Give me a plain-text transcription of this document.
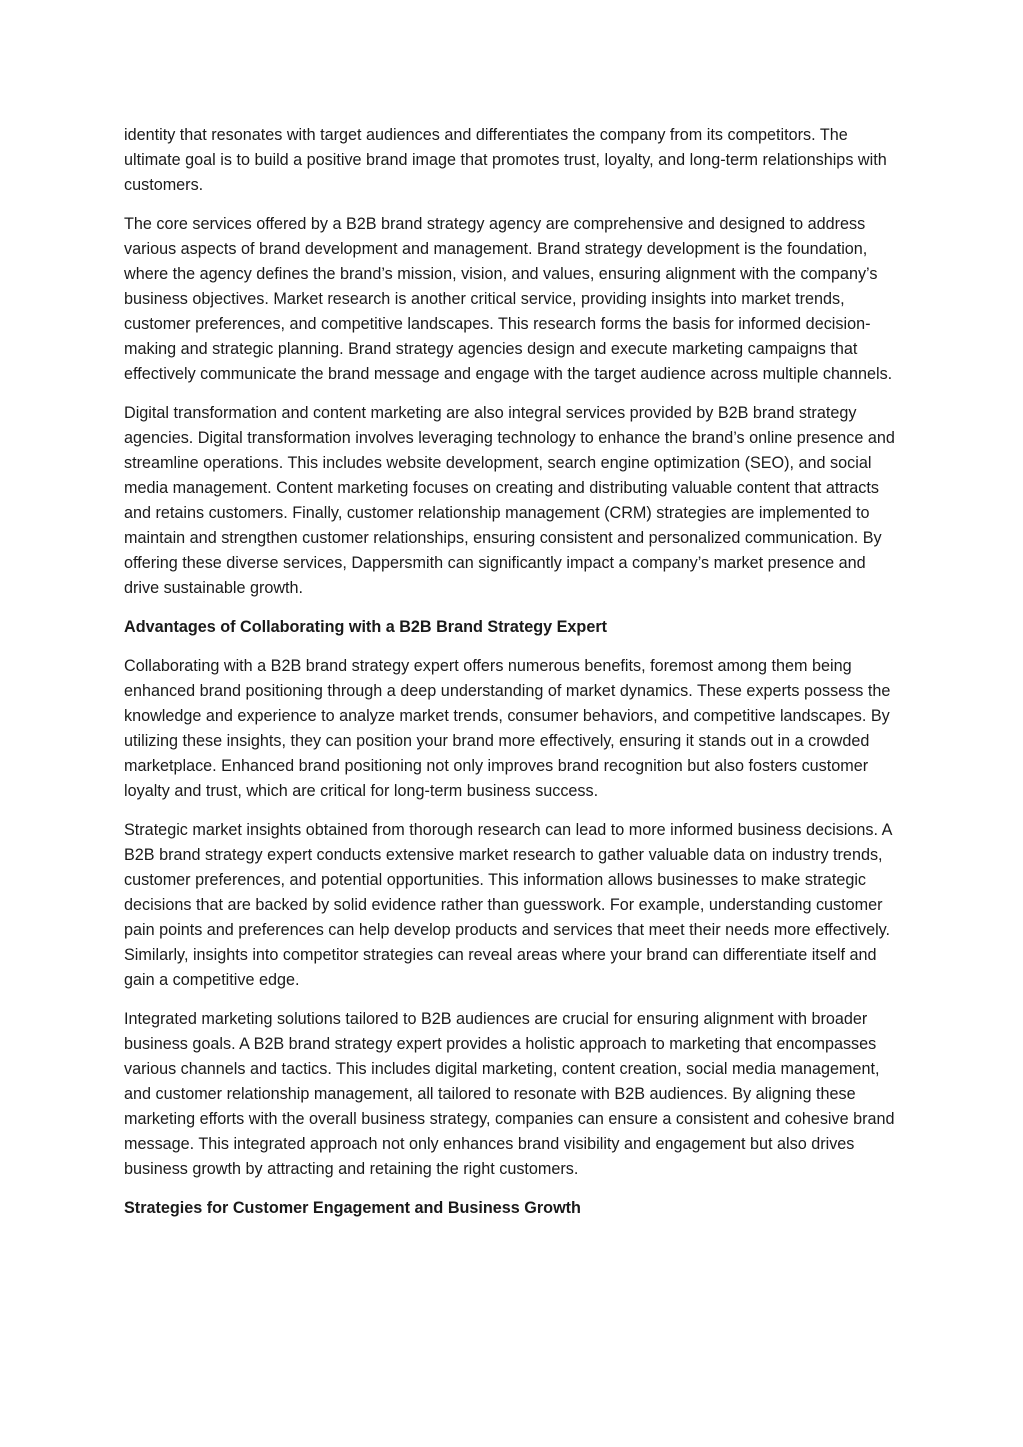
identity that resonates with target audiences and differentiates the company from its competitors. The ultimate goal is to build a positive brand image that promotes trust, loyalty, and long-term relationships with customers.

The core services offered by a B2B brand strategy agency are comprehensive and designed to address various aspects of brand development and management. Brand strategy development is the foundation, where the agency defines the brand’s mission, vision, and values, ensuring alignment with the company’s business objectives. Market research is another critical service, providing insights into market trends, customer preferences, and competitive landscapes. This research forms the basis for informed decision-making and strategic planning. Brand strategy agencies design and execute marketing campaigns that effectively communicate the brand message and engage with the target audience across multiple channels.

Digital transformation and content marketing are also integral services provided by B2B brand strategy agencies. Digital transformation involves leveraging technology to enhance the brand’s online presence and streamline operations. This includes website development, search engine optimization (SEO), and social media management. Content marketing focuses on creating and distributing valuable content that attracts and retains customers. Finally, customer relationship management (CRM) strategies are implemented to maintain and strengthen customer relationships, ensuring consistent and personalized communication. By offering these diverse services, Dappersmith can significantly impact a company’s market presence and drive sustainable growth.

Advantages of Collaborating with a B2B Brand Strategy Expert

Collaborating with a B2B brand strategy expert offers numerous benefits, foremost among them being enhanced brand positioning through a deep understanding of market dynamics. These experts possess the knowledge and experience to analyze market trends, consumer behaviors, and competitive landscapes. By utilizing these insights, they can position your brand more effectively, ensuring it stands out in a crowded marketplace. Enhanced brand positioning not only improves brand recognition but also fosters customer loyalty and trust, which are critical for long-term business success.

Strategic market insights obtained from thorough research can lead to more informed business decisions. A B2B brand strategy expert conducts extensive market research to gather valuable data on industry trends, customer preferences, and potential opportunities. This information allows businesses to make strategic decisions that are backed by solid evidence rather than guesswork. For example, understanding customer pain points and preferences can help develop products and services that meet their needs more effectively. Similarly, insights into competitor strategies can reveal areas where your brand can differentiate itself and gain a competitive edge.

Integrated marketing solutions tailored to B2B audiences are crucial for ensuring alignment with broader business goals. A B2B brand strategy expert provides a holistic approach to marketing that encompasses various channels and tactics. This includes digital marketing, content creation, social media management, and customer relationship management, all tailored to resonate with B2B audiences. By aligning these marketing efforts with the overall business strategy, companies can ensure a consistent and cohesive brand message. This integrated approach not only enhances brand visibility and engagement but also drives business growth by attracting and retaining the right customers.

Strategies for Customer Engagement and Business Growth
